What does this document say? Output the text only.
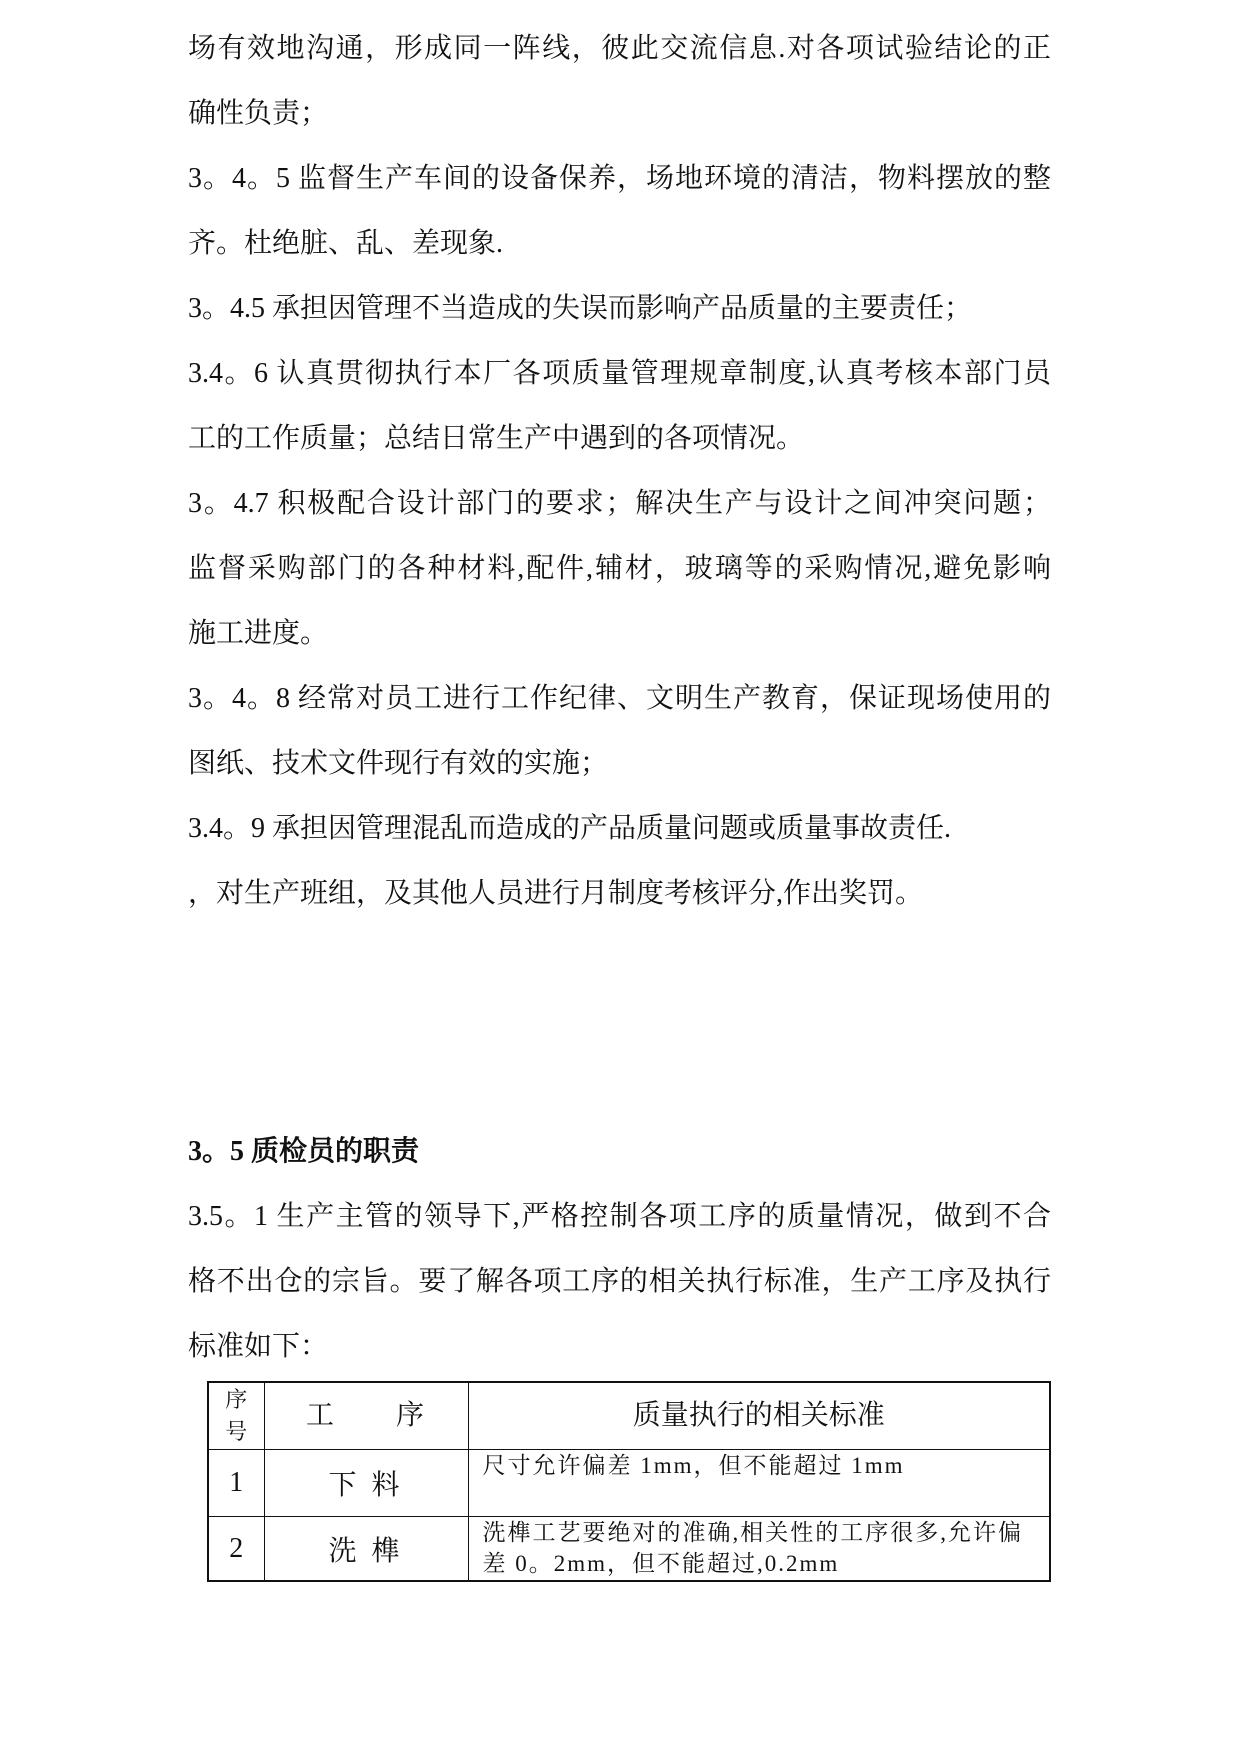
场有效地沟通，形成同一阵线，彼此交流信息.对各项试验结论的正
确性负责；
3。4。5 监督生产车间的设备保养，场地环境的清洁，物料摆放的整
齐。杜绝脏、乱、差现象.
3。4.5 承担因管理不当造成的失误而影响产品质量的主要责任；
3.4。6 认真贯彻执行本厂各项质量管理规章制度,认真考核本部门员
工的工作质量；总结日常生产中遇到的各项情况。
3。4.7 积极配合设计部门的要求；解决生产与设计之间冲突问题；
监督采购部门的各种材料,配件,辅材，玻璃等的采购情况,避免影响
施工进度。
3。4。8 经常对员工进行工作纪律、文明生产教育，保证现场使用的
图纸、技术文件现行有效的实施；
3.4。9 承担因管理混乱而造成的产品质量问题或质量事故责任.
，对生产班组，及其他人员进行月制度考核评分,作出奖罚。
3。5 质检员的职责
3.5。1 生产主管的领导下,严格控制各项工序的质量情况，做到不合
格不出仓的宗旨。要了解各项工序的相关执行标准，生产工序及执行
标准如下：
序号	工　　序	质量执行的相关标准
1	下 料	尺寸允许偏差 1mm，但不能超过 1mm
2	洗 榫	洗榫工艺要绝对的准确,相关性的工序很多,允许偏差 0。2mm，但不能超过,0.2mm
